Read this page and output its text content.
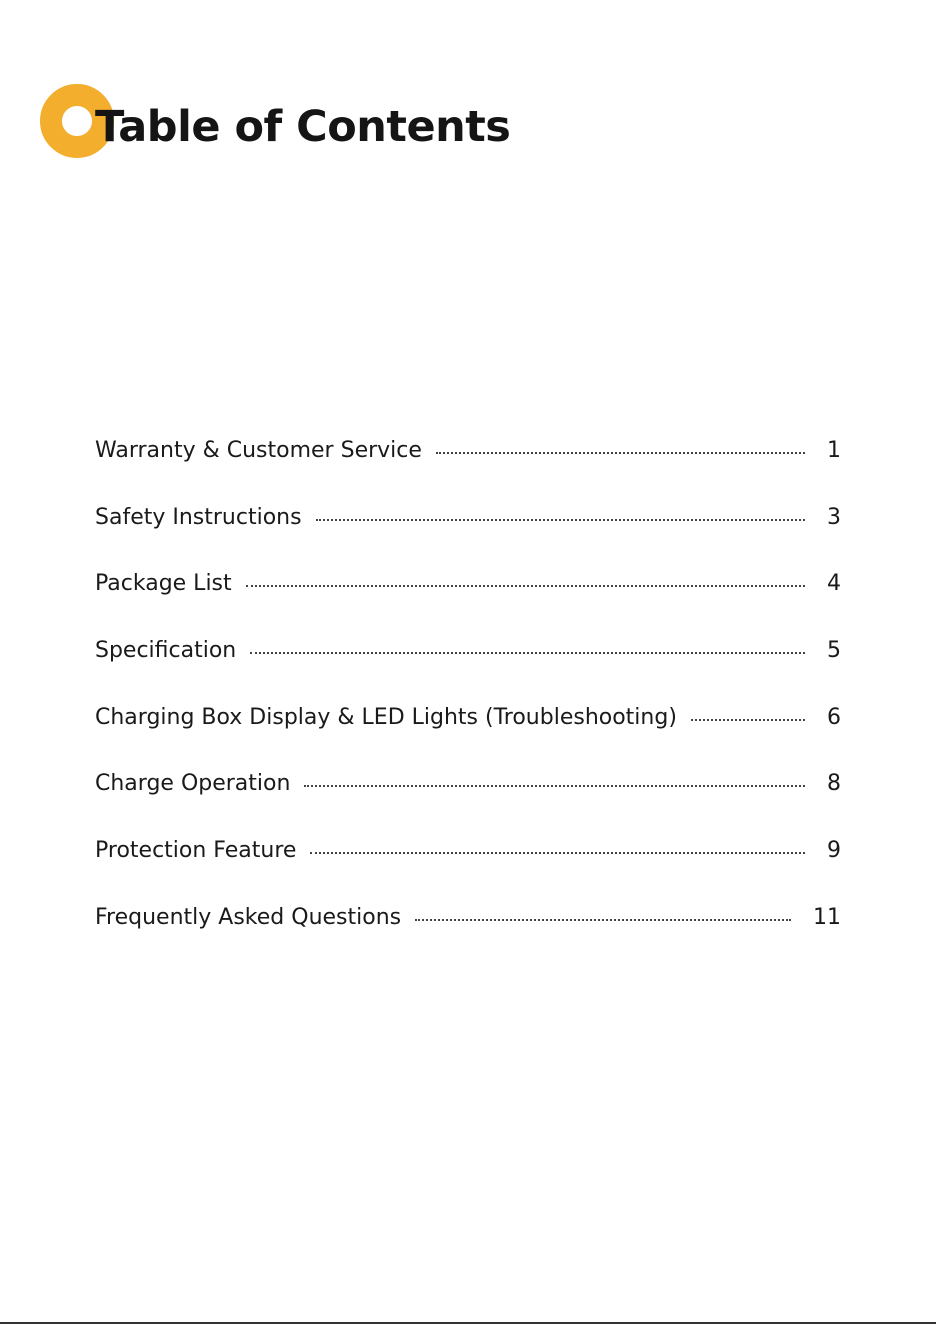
Table of Contents
Warranty & Customer Service	1
Safety Instructions	3
Package List	4
Specification	5
Charging Box Display & LED Lights (Troubleshooting)	6
Charge Operation	8
Protection Feature	9
Frequently Asked Questions	11
